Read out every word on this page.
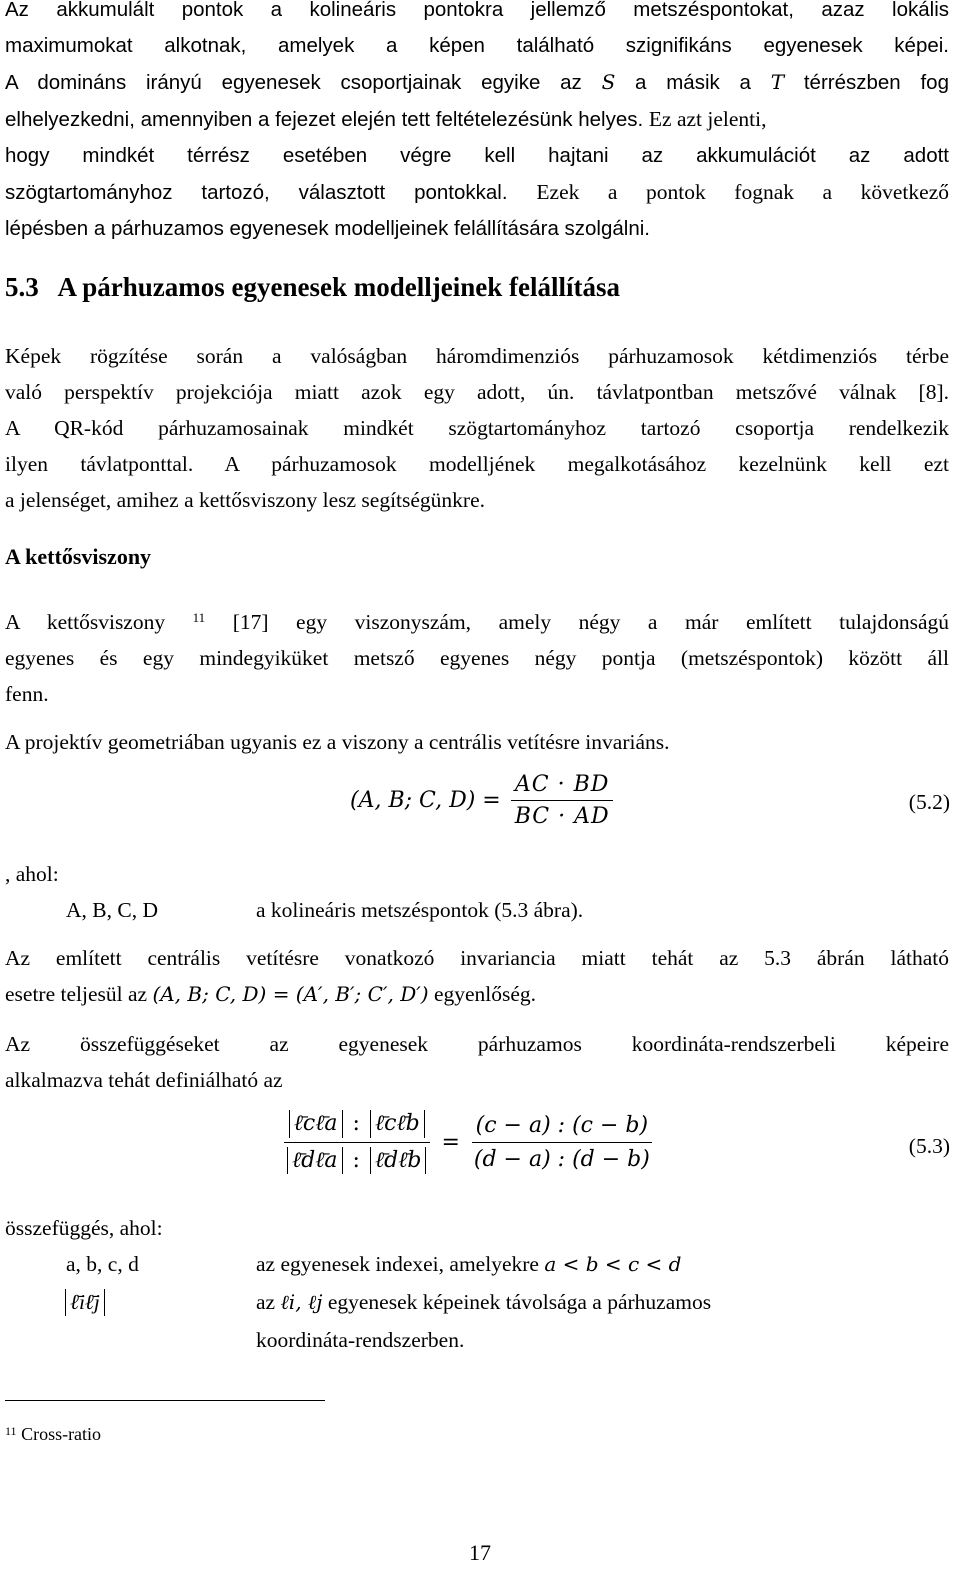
Az akkumulált pontok a kolineáris pontokra jellemző metszéspontokat, azaz lokális
maximumokat alkotnak, amelyek a képen található szignifikáns egyenesek képei.
A domináns irányú egyenesek csoportjainak egyike az S a másik a T térrészben fog
elhelyezkedni, amennyiben a fejezet elején tett feltételezésünk helyes. Ez azt jelenti,
hogy mindkét térrész esetében végre kell hajtani az akkumulációt az adott
szögtartományhoz tartozó, választott pontokkal. Ezek a pontok fognak a következő
lépésben a párhuzamos egyenesek modelljeinek felállítására szolgálni.
5.3 A párhuzamos egyenesek modelljeinek felállítása
Képek rögzítése során a valóságban háromdimenziós párhuzamosok kétdimenziós térbe
való perspektív projekciója miatt azok egy adott, ún. távlatpontban metszővé válnak [8].
A QR-kód párhuzamosainak mindkét szögtartományhoz tartozó csoportja rendelkezik
ilyen távlatponttal. A párhuzamosok modelljének megalkotásához kezelnünk kell ezt
a jelenséget, amihez a kettősviszony lesz segítségünkre.
A kettősviszony
A kettősviszony $^{11}$ [17] egy viszonyszám, amely négy a már említett tulajdonságú
egyenes és egy mindegyiküket metsző egyenes négy pontja (metszéspontok) között áll
fenn.
A projektív geometriában ugyanis ez a viszony a centrális vetítésre invariáns.
(A, B; C, $D) = \frac{AC \cdot BD}{BC \cdot AD}$	(5.2)
, ahol:
A, B, C, D	a kolineáris metszéspontok (5.3 ábra).
Az említett centrális vetítésre vonatkozó invariancia miatt tehát az 5.3 ábrán látható
esetre teljesül az (A, B; C, D) = (A′, B′; C′, D′) egyenlőség.
Az összefüggéseket az egyenesek párhuzamos koordináta-rendszerbeli képeire
alkalmazva tehát definiálható az
ℓ̄cℓ̄a : ℓ̄cℓ̄b
ℓ̄dℓ̄a : ℓ̄dℓ̄b
= $\frac{(c - a) : (c - b)}{(d - a) : (d - b)}$	(5.3)
összefüggés, ahol:
a, b, c, d	az egyenesek indexei, amelyekre a < b < c < d
ℓ̄iℓ̄j	az ℓi, ℓj egyenesek képeinek távolsága a párhuzamos
koordináta-rendszerben.
$^{11}$ Cross-ratio
17
